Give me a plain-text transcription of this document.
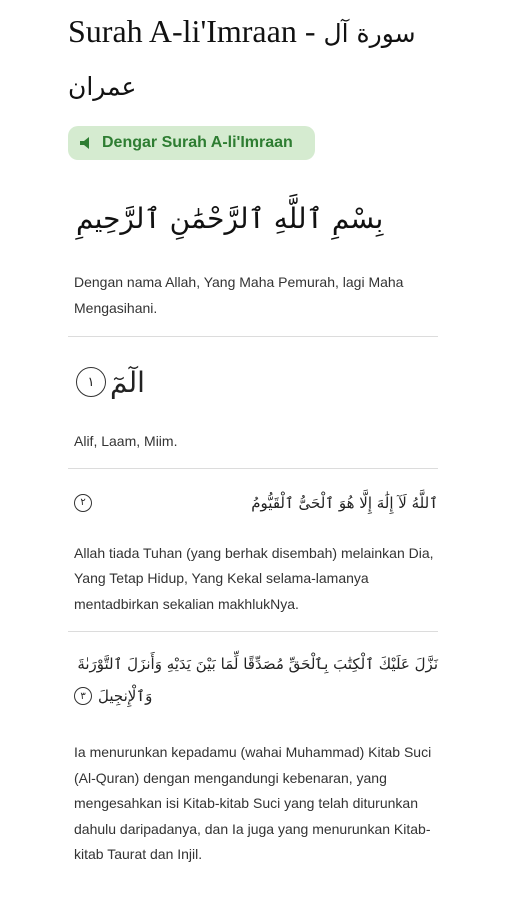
Surah A-li'Imraan - سورة آل عمران
Dengar Surah A-li'Imraan
بِسْمِ ٱللَّهِ ٱلرَّحْمَٰنِ ٱلرَّحِيمِ
Dengan nama Allah, Yang Maha Pemurah, lagi Maha Mengasihani.
١ الٓمٓ
Alif, Laam, Miim.
٢	ٱللَّهُ لَآ إِلَٰهَ إِلَّا هُوَ ٱلْحَىُّ ٱلْقَيُّومُ
Allah tiada Tuhan (yang berhak disembah) melainkan Dia, Yang Tetap Hidup, Yang Kekal selama-lamanya mentadbirkan sekalian makhlukNya.
نَزَّلَ عَلَيْكَ ٱلْكِتَٰبَ بِٱلْحَقِّ مُصَدِّقًا لِّمَا بَيْنَ يَدَيْهِ وَأَنزَلَ ٱلتَّوْرَىٰةَ
٣ وَٱلْإِنجِيلَ
Ia menurunkan kepadamu (wahai Muhammad) Kitab Suci (Al-Quran) dengan mengandungi kebenaran, yang mengesahkan isi Kitab-kitab Suci yang telah diturunkan dahulu daripadanya, dan Ia juga yang menurunkan Kitab-kitab Taurat dan Injil.
